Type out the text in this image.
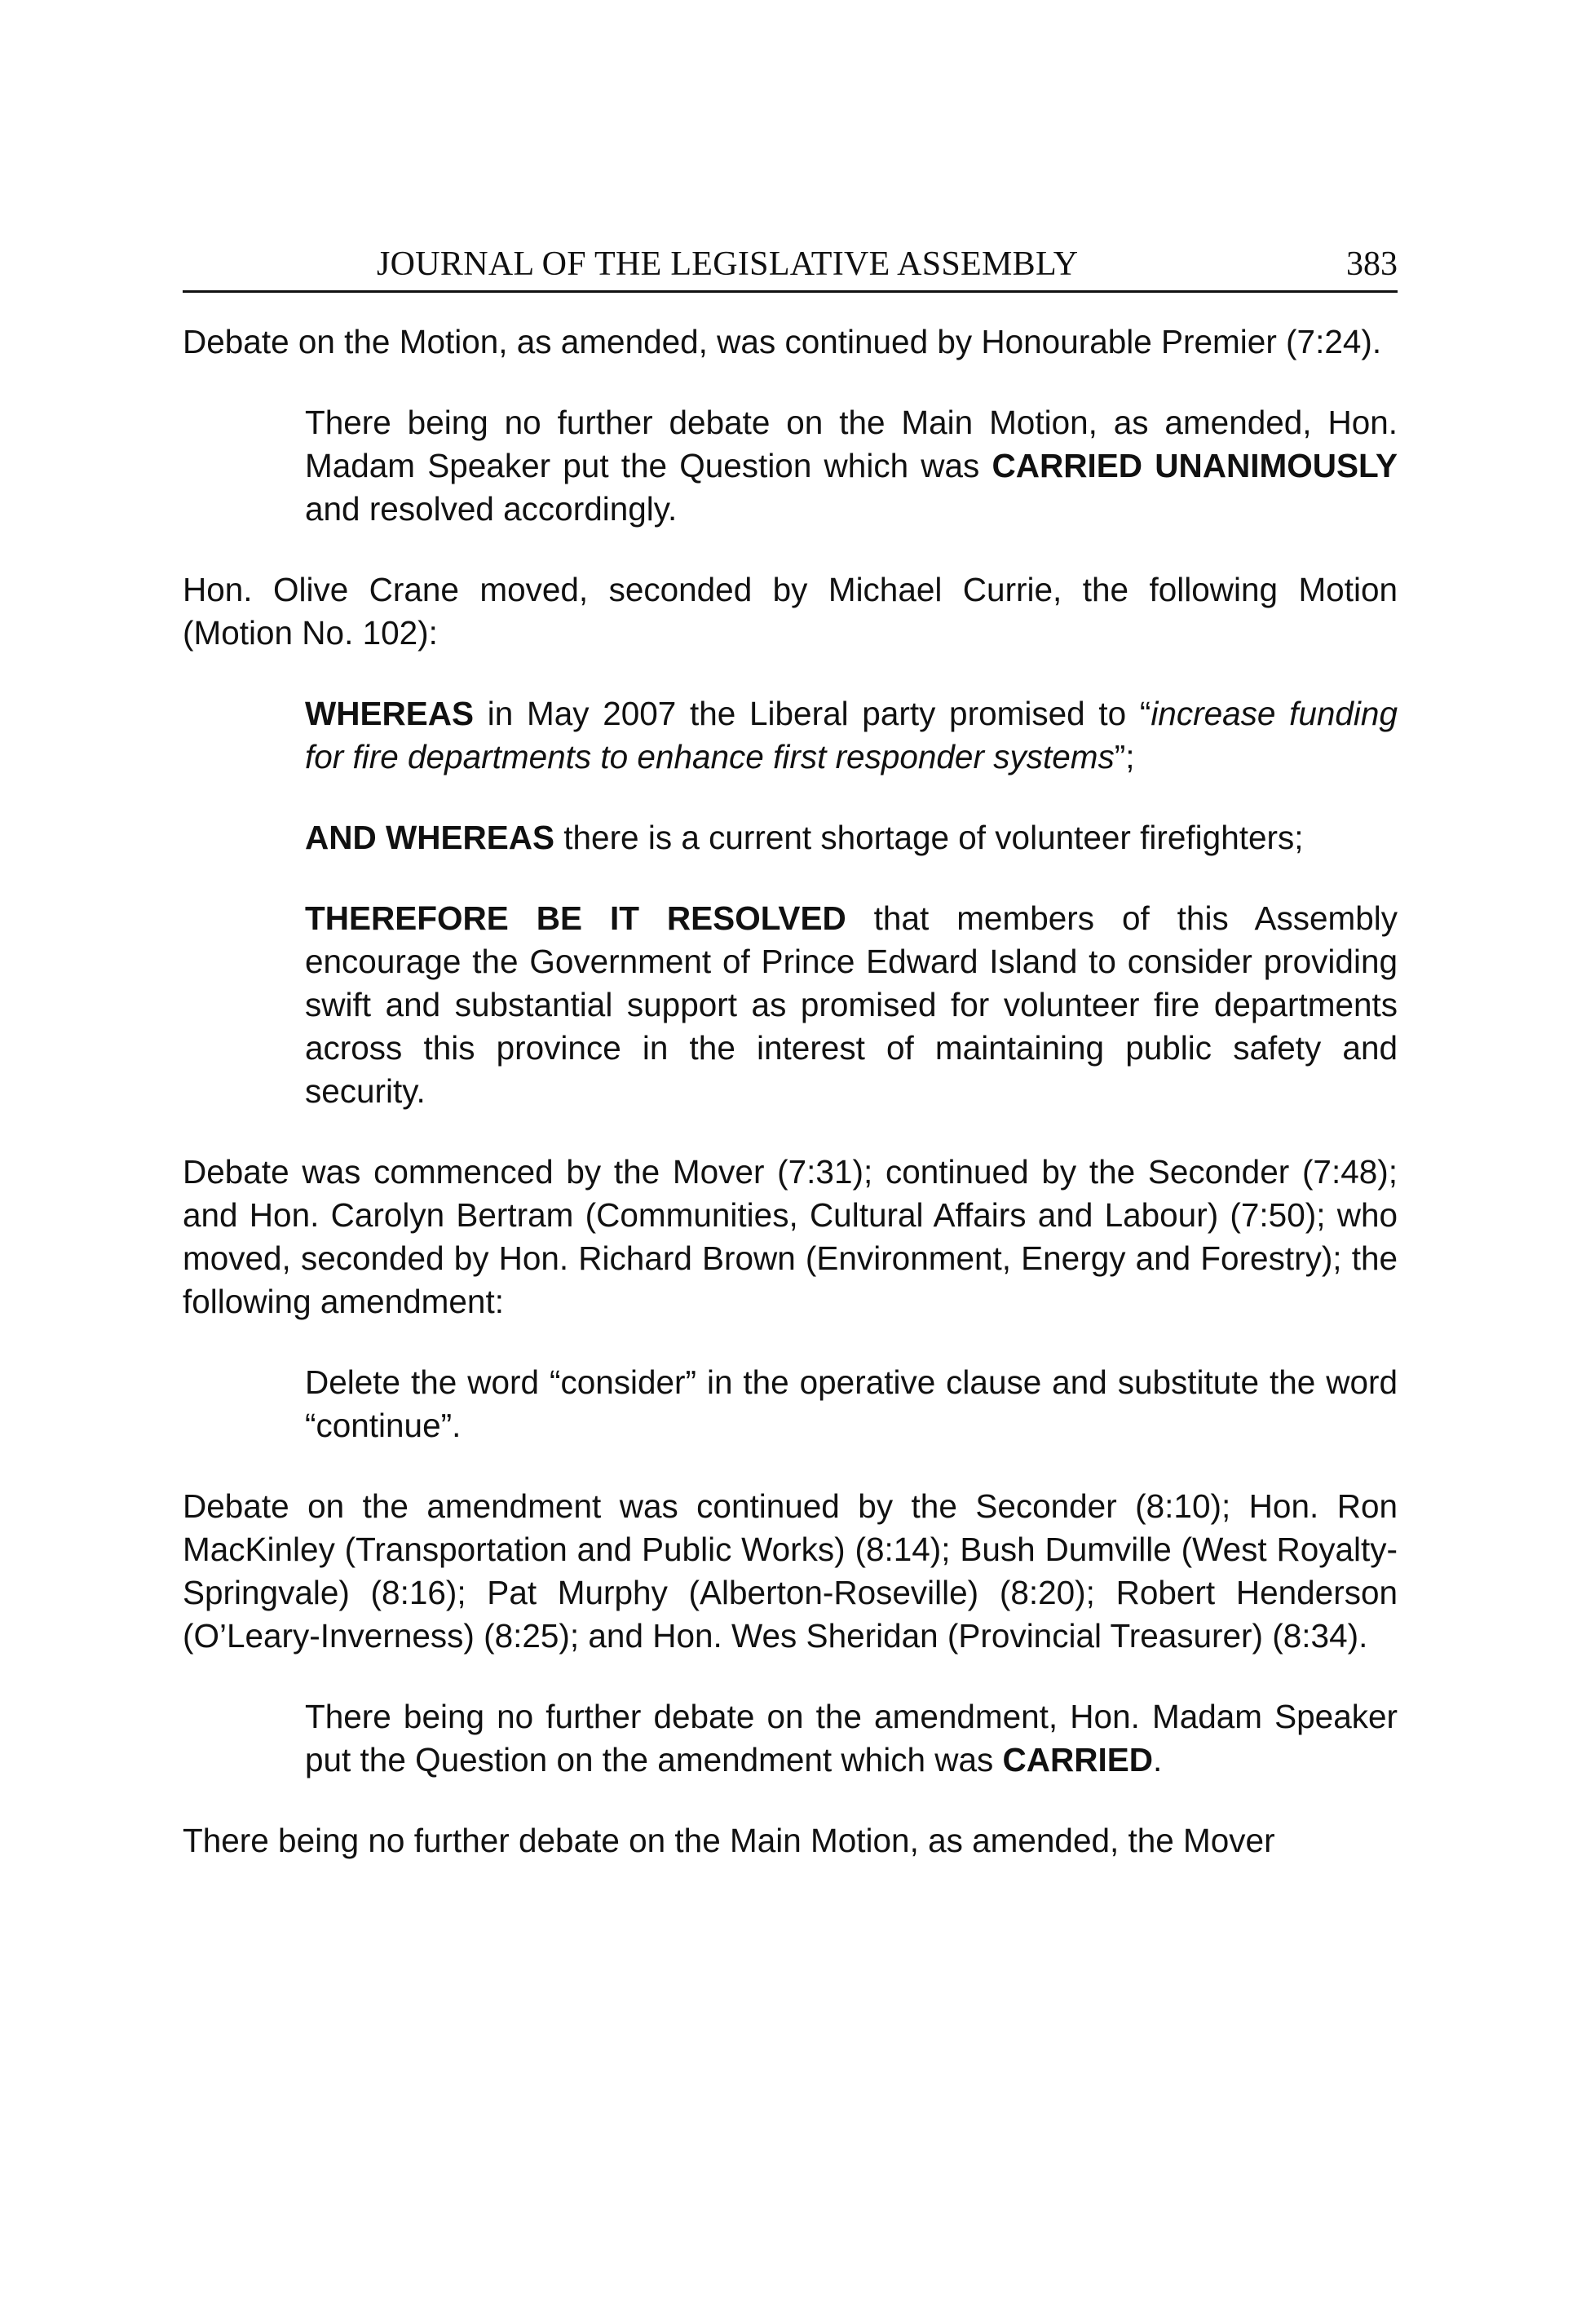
JOURNAL OF THE LEGISLATIVE ASSEMBLY	383

Debate on the Motion, as amended, was continued by Honourable Premier (7:24).

There being no further debate on the Main Motion, as amended, Hon. Madam Speaker put the Question which was CARRIED UNANIMOUSLY and resolved accordingly.

Hon. Olive Crane moved, seconded by Michael Currie, the following Motion (Motion No. 102):

WHEREAS in May 2007 the Liberal party promised to “increase funding for fire departments to enhance first responder systems”;

AND WHEREAS there is a current shortage of volunteer firefighters;

THEREFORE BE IT RESOLVED that members of this Assembly encourage the Government of Prince Edward Island to consider providing swift and substantial support as promised for volunteer fire departments across this province in the interest of maintaining public safety and security.

Debate was commenced by the Mover (7:31); continued by the Seconder (7:48); and Hon. Carolyn Bertram (Communities, Cultural Affairs and Labour) (7:50); who moved, seconded by Hon. Richard Brown (Environment, Energy and Forestry); the following amendment:

Delete the word “consider” in the operative clause and substitute the word “continue”.

Debate on the amendment was continued by the Seconder (8:10); Hon. Ron MacKinley (Transportation and Public Works) (8:14); Bush Dumville (West Royalty-Springvale) (8:16); Pat Murphy (Alberton-Roseville) (8:20); Robert Henderson (O’Leary-Inverness) (8:25); and Hon. Wes Sheridan (Provincial Treasurer) (8:34).

There being no further debate on the amendment, Hon. Madam Speaker put the Question on the amendment which was CARRIED.

There being no further debate on the Main Motion, as amended, the Mover
